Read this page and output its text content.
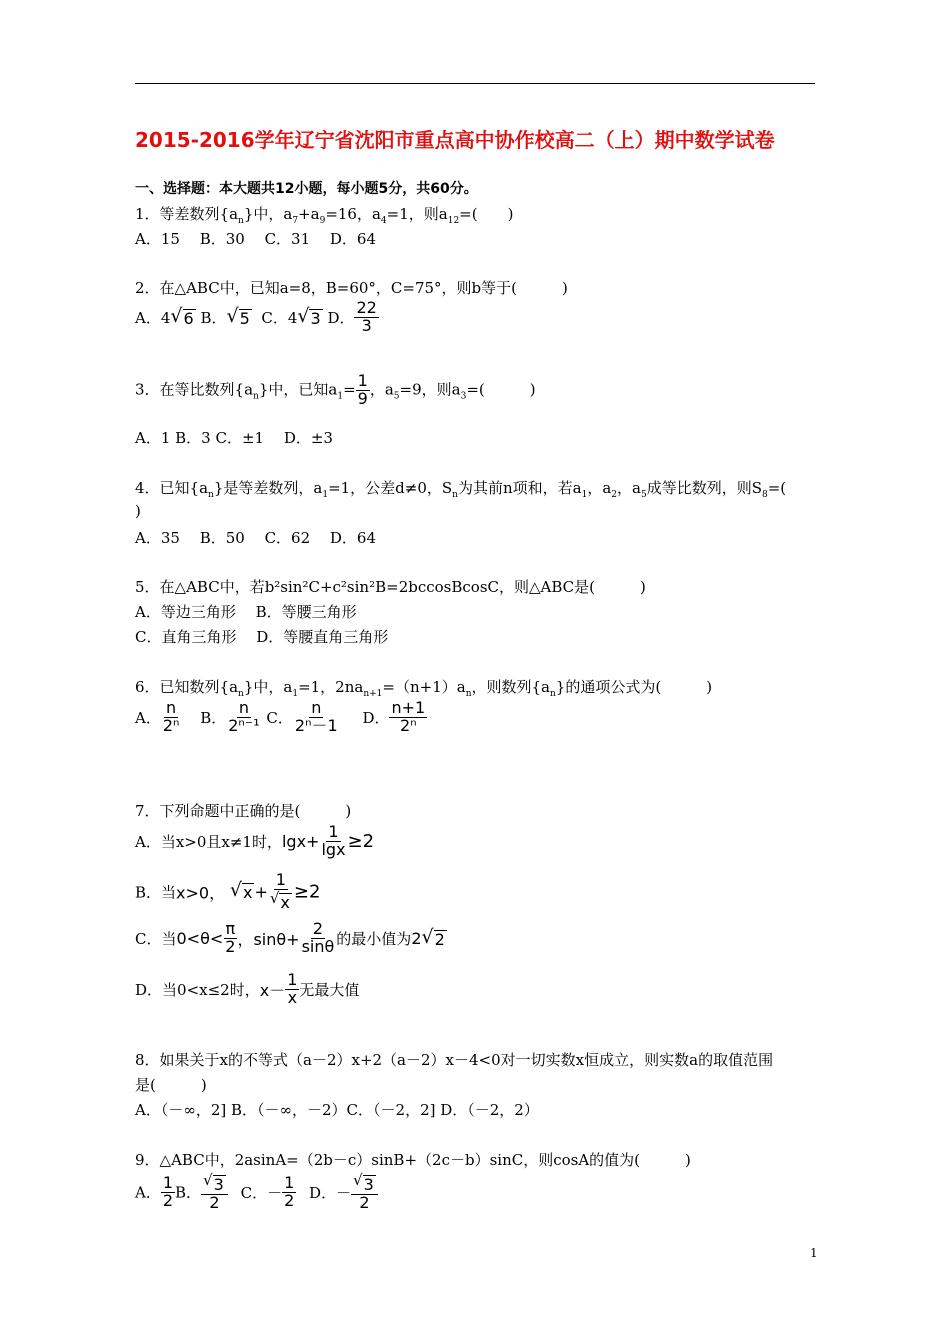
2015-2016学年辽宁省沈阳市重点高中协作校高二（上）期中数学试卷
一、选择题：本大题共12小题，每小题5分，共60分。
1．等差数列$\{a_n\}$中，$a_7+a_9=16$，$a_4=1$，则$a_{12}=$(　　)
A．15　 B．30　 C．31　 D．64
2．在△ABC中，已知a=8，B=60°，C=75°，则b等于(　　　)
A．4 √ 6 B． √ 5 C．4 √ 3 D． $\frac{22}{3}$
3．在等比数列$\{a_n\}$中，已知$a_1= \frac{1}{9}$ ，$a_5=9$，则$a_3=$(　　　)
A．1 B．3 C．±1　 D．±3
4．已知$\{a_n\}$是等差数列，$a_1=1$，公差d≠0，$S_n$为其前n项和，若$a_1$，$a_2$，$a_5$成等比数列，则$S_8=$(
)
A．35　 B．50　 C．62　 D．64
5．在△ABC中，若b²sin²C+c²sin²B=2bccosBcosC，则△ABC是(　　　)
A．等边三角形　 B．等腰三角形
C．直角三角形　 D．等腰直角三角形
6．已知数列$\{a_n\}$中，$a_1=1$，$2na_{n+1}=(n+1)a_n$，则数列$\{a_n\}$的通项公式为(　　　)
A． $\frac{n}{\text{2ⁿ}}$ B． $\frac{n}{\text{2ⁿ⁻¹}}$ C． $\frac{n}{\text{2ⁿ－1}}$ D． $\frac{n+1}{\text{2ⁿ}}$
7．下列命题中正确的是(　　　)
A．当x>0且x≠1时，$\lg x+ \frac{1}{\lg x} \ge 2$
B．当x>0， √ $x + \frac{1}{√ x} \ge 2$
C．当$0<\theta< \frac{\pi}{2}$ ，$\sin\theta+ \frac{2}{\sin\theta}$ 的最小值为2 √ 2
D．当0<x≤2时，$x- \frac{1}{x}$ 无最大值
8．如果关于x的不等式（a－2）x+2（a－2）x－4<0对一切实数x恒成立，则实数a的取值范围
是(　　　)
A．（－∞，2] B．（－∞，－2）C．（－2，2] D．（－2，2）
9．△ABC中，2asinA=（2b－c）sinB+（2c－b）sinC，则cosA的值为(　　　)
A． $\frac{1}{2}$ B． $\frac{√ 3}{2}$ C．－ $\frac{1}{2}$ D．－ $\frac{√ 3}{2}$
1
